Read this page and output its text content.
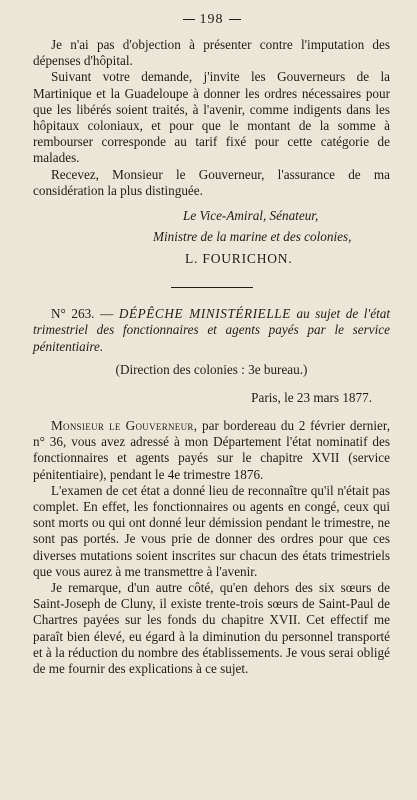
198

Je n'ai pas d'objection à présenter contre l'imputation des dépenses d'hôpital.

Suivant votre demande, j'invite les Gouverneurs de la Martinique et la Guadeloupe à donner les ordres nécessaires pour que les libérés soient traités, à l'avenir, comme indigents dans les hôpitaux coloniaux, et pour que le montant de la somme à rembourser corresponde au tarif fixé pour cette catégorie de malades.

Recevez, Monsieur le Gouverneur, l'assurance de ma considération la plus distinguée.

Le Vice-Amiral, Sénateur,
Ministre de la marine et des colonies,
L. FOURICHON.

N° 263. — DÉPÊCHE MINISTÉRIELLE au sujet de l'état trimestriel des fonctionnaires et agents payés par le service pénitentiaire.

(Direction des colonies : 3e bureau.)
Paris, le 23 mars 1877.

Monsieur le Gouverneur, par bordereau du 2 février dernier, n° 36, vous avez adressé à mon Département l'état nominatif des fonctionnaires et agents payés sur le chapitre XVII (service pénitentiaire), pendant le 4e trimestre 1876.

L'examen de cet état a donné lieu de reconnaître qu'il n'était pas complet. En effet, les fonctionnaires ou agents en congé, ceux qui sont morts ou qui ont donné leur démission pendant le trimestre, ne sont pas portés. Je vous prie de donner des ordres pour que ces diverses mutations soient inscrites sur chacun des états trimestriels que vous aurez à me transmettre à l'avenir.

Je remarque, d'un autre côté, qu'en dehors des six sœurs de Saint-Joseph de Cluny, il existe trente-trois sœurs de Saint-Paul de Chartres payées sur les fonds du chapitre XVII. Cet effectif me paraît bien élevé, eu égard à la diminution du personnel transporté et à la réduction du nombre des établissements. Je vous serai obligé de me fournir des explications à ce sujet.
